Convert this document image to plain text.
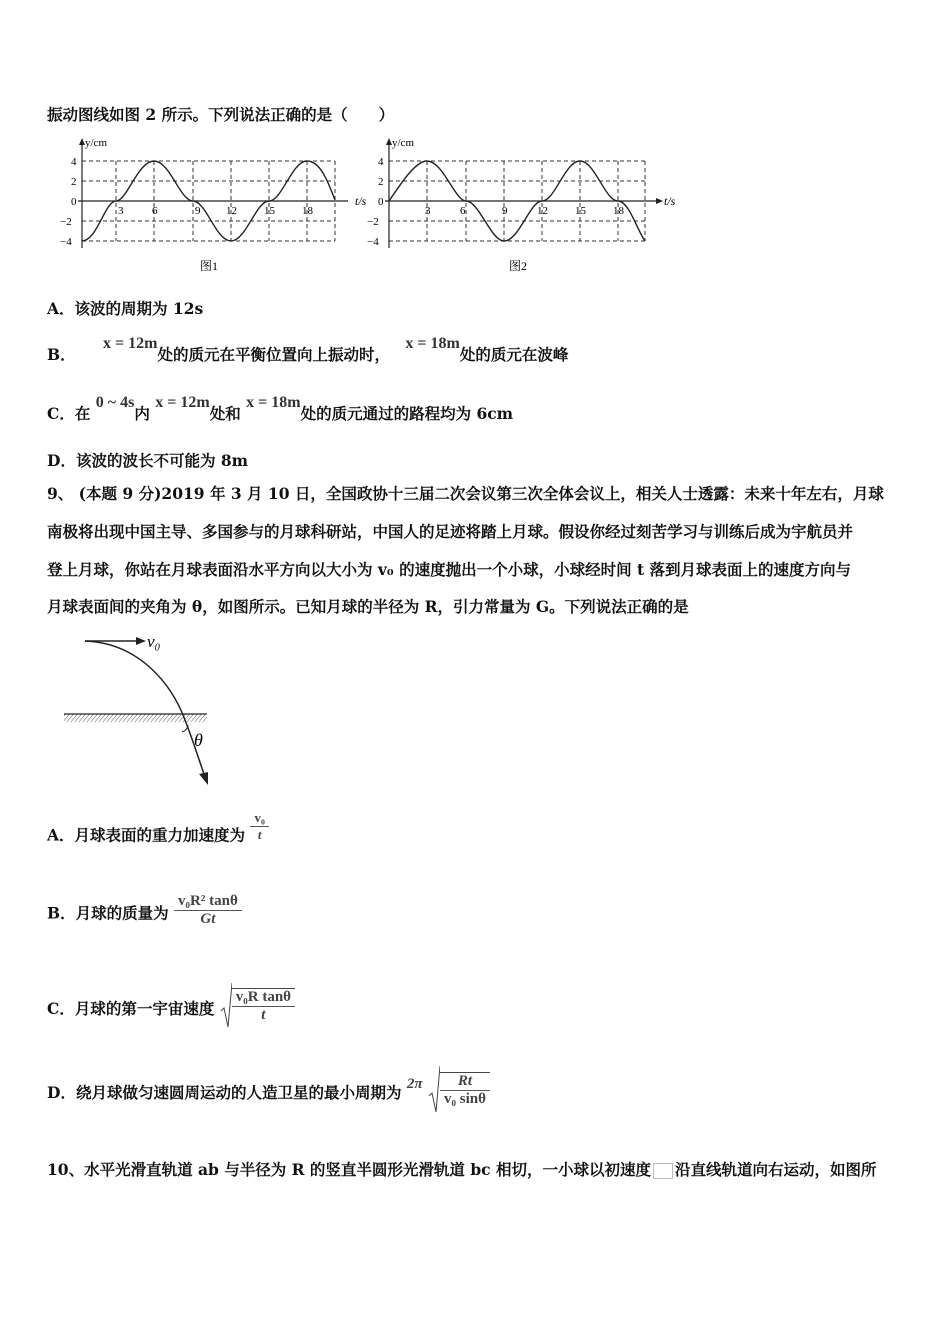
振动图线如图 2 所示。下列说法正确的是（　　）
y/cm
t/s
4
2
0
−2
−4
3	6	9 12 15 18
图1
y/cm
t/s
4
2
0
−2
−4
3	6	9	12 15 18
图2
A．该波的周期为 12s
B． x = 12m处的质元在平衡位置向上振动时， x = 18m处的质元在波峰
C．在 0 ~ 4s内 x = 12m处和 x = 18m处的质元通过的路程均为 6cm
D．该波的波长不可能为 8m
9、 (本题 9 分)2019 年 3 月 10 日，全国政协十三届二次会议第三次全体会议上，相关人士透露：未来十年左右，月球
南极将出现中国主导、多国参与的月球科研站，中国人的足迹将踏上月球。假设你经过刻苦学习与训练后成为宇航员并
登上月球，你站在月球表面沿水平方向以大小为 v₀ 的速度抛出一个小球，小球经时间 t 落到月球表面上的速度方向与
月球表面间的夹角为 θ，如图所示。已知月球的半径为 R，引力常量为 G。下列说法正确的是
v₀
θ
A．月球表面的重力加速度为 $\frac{\text{v₀}}{t}$
B．月球的质量为 $\frac{\text{v₀R² tanθ}}{Gt}$
C．月球的第一宇宙速度 $\frac{\text{v₀R tanθ}}{t}$
D．绕月球做匀速圆周运动的人造卫星的最小周期为 $2\pi \frac{Rt}{\text{v₀ sinθ}}$
10、水平光滑直轨道 ab 与半径为 R 的竖直半圆形光滑轨道 bc 相切，一小球以初速度 沿直线轨道向右运动，如图所
